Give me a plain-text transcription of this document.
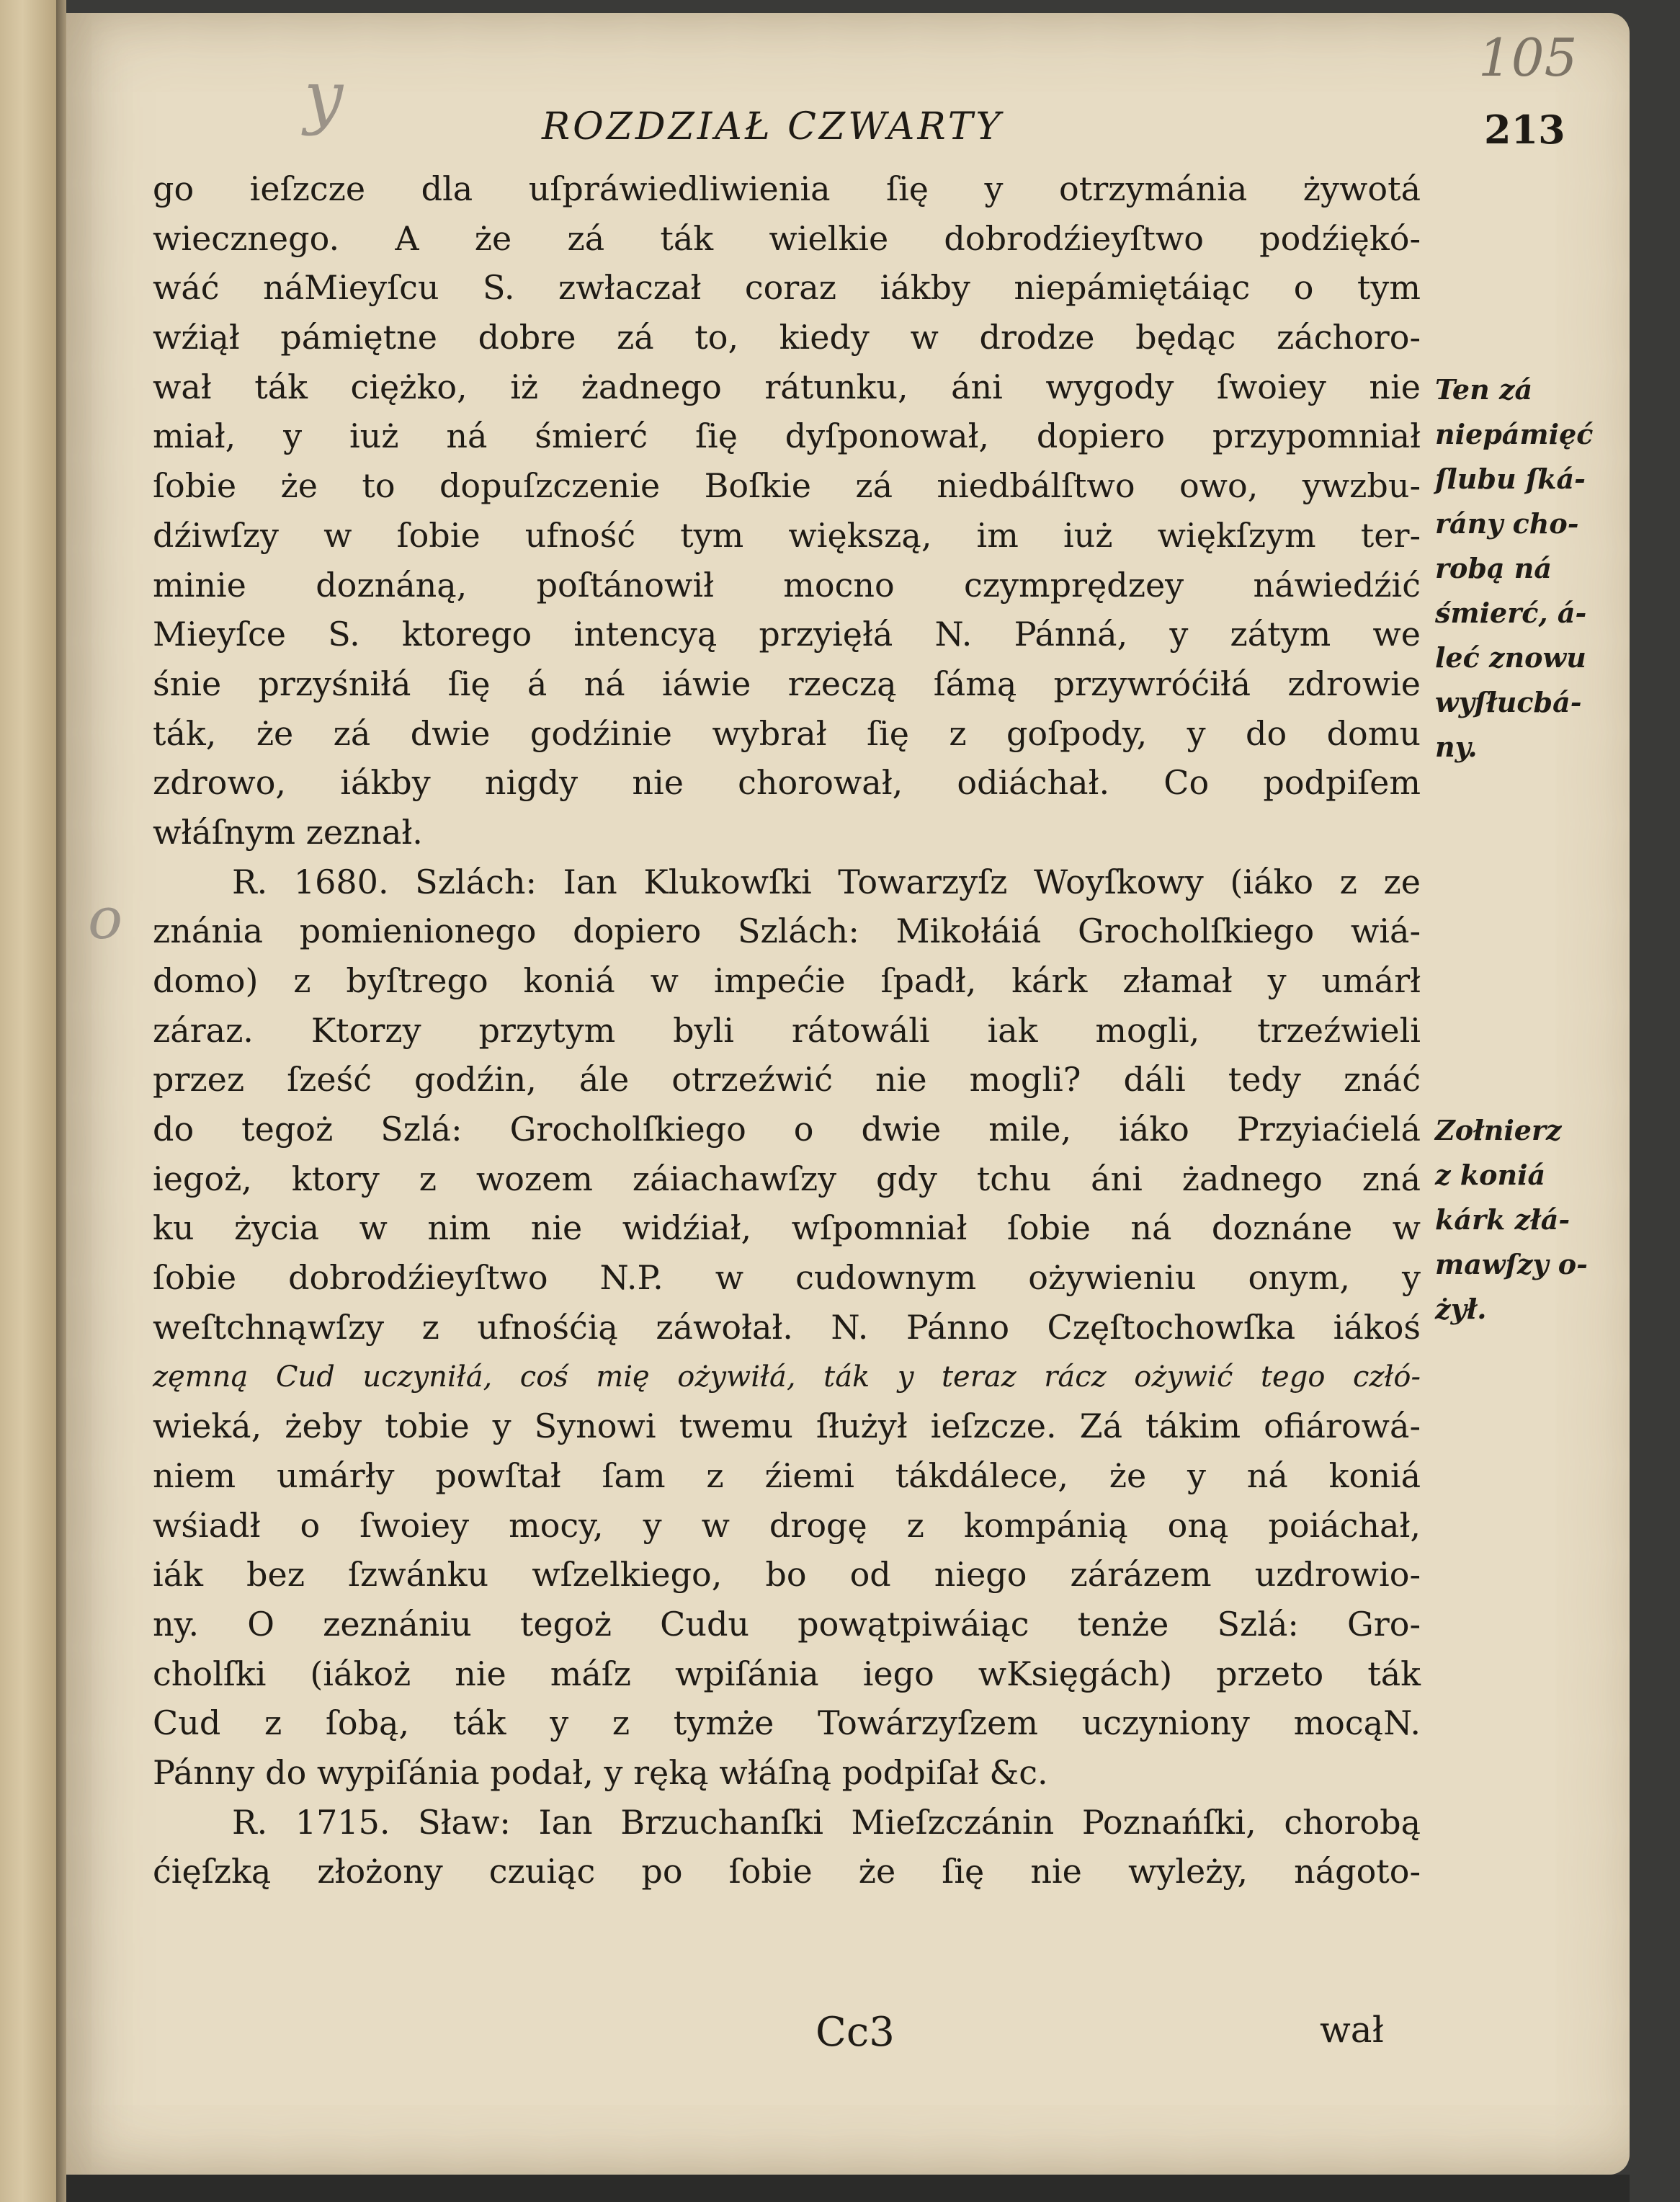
105
y
o
ROZDZIAŁ CZWARTY	213
go ieſzcze dla uſpráwiedliwienia ſię y otrzymánia żywotá
wiecznego. A że zá ták wielkie dobrodźieyſtwo podźiękó-
wáć náMieyſcu S. zwłaczał coraz iákby niepámiętáiąc o tym
wźiął pámiętne dobre zá to, kiedy w drodze będąc záchoro-
wał ták ciężko, iż żadnego rátunku, áni wygody ſwoiey nie
miał, y iuż ná śmierć ſię dyſponował, dopiero przypomniał
ſobie że to dopuſzczenie Boſkie zá niedbálſtwo owo, ywzbu-
dźiwſzy w ſobie ufność tym większą, im iuż więkſzym ter-
minie doznáną, poſtánowił mocno czymprędzey náwiedźić
Mieyſce S. ktorego intencyą przyięłá N. Pánná, y zátym we
śnie przyśniłá ſię á ná iáwie rzeczą ſámą przywróćiłá zdrowie
ták, że zá dwie godźinie wybrał ſię z goſpody, y do domu
zdrowo, iákby nigdy nie chorował, odiáchał. Co podpiſem
włáſnym zeznał.
R. 1680. Szlách: Ian Klukowſki Towarzyſz Woyſkowy (iáko z ze
znánia pomienionego dopiero Szlách: Mikołáiá Grocholſkiego wiá-
domo) z byſtrego koniá w impećie ſpadł, kárk złamał y umárł
záraz. Ktorzy przytym byli rátowáli iak mogli, trzeźwieli
przez ſześć godźin, ále otrzeźwić nie mogli? dáli tedy znáć
do tegoż Szlá: Grocholſkiego o dwie mile, iáko Przyiaćielá
iegoż, ktory z wozem záiachawſzy gdy tchu áni żadnego zná
ku życia w nim nie widźiał, wſpomniał ſobie ná doznáne w
ſobie dobrodźieyſtwo N.P. w cudownym ożywieniu onym, y
weſtchnąwſzy z ufnośćią záwołał. N. Pánno Częſtochowſka iákoś
zęmną Cud uczyniłá, coś mię ożywiłá, ták y teraz rácz ożywić tego człó-
wieká, żeby tobie y Synowi twemu ſłużył ieſzcze. Zá tákim ofiárowá-
niem umárły powſtał ſam z źiemi tákdálece, że y ná koniá
wśiadł o ſwoiey mocy, y w drogę z kompánią oną poiáchał,
iák bez ſzwánku wſzelkiego, bo od niego zárázem uzdrowio-
ny. O zeznániu tegoż Cudu powątpiwáiąc tenże Szlá: Gro-
cholſki (iákoż nie máſz wpiſánia iego wKsięgách) przeto ták
Cud z ſobą, ták y z tymże Towárzyſzem uczyniony mocąN.
Pánny do wypiſánia podał, y ręką włáſną podpiſał &c.
R. 1715. Sław: Ian Brzuchanſki Mieſzczánin Poznańſki, chorobą
ćięſzką złożony czuiąc po ſobie że ſię nie wyleży, nágoto-
Ten zá
niepámięć
ſlubu ſká-
rány cho-
robą ná
śmierć, á-
leć znowu
wyſłucbá-
ny.
Zołnierz
z koniá
kárk złá-
mawſzy o-
żył.
Cc3	wał
